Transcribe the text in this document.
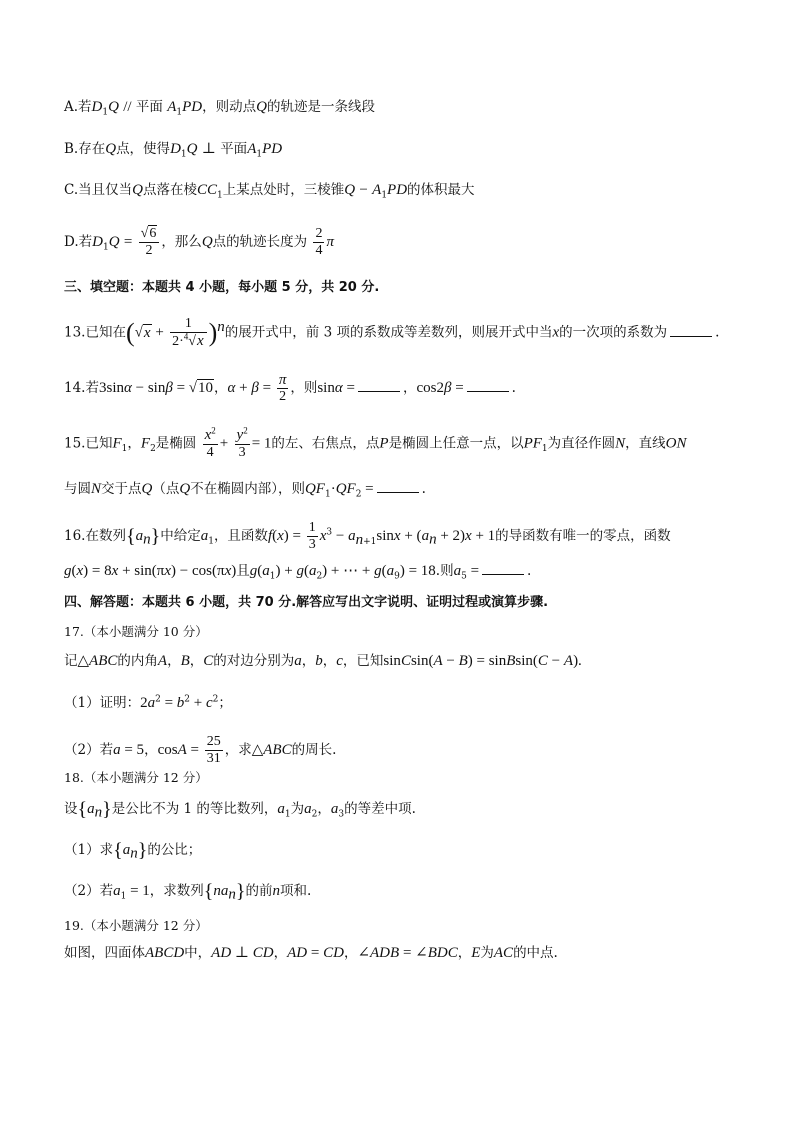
A.若$D_1Q$ // 平面 $A_1PD$，则动点Q的轨迹是一条线段
B.存在Q点，使得$D_1Q$ ⊥ 平面$A_1PD$
C.当且仅当Q点落在棱$CC_1$上某点处时，三棱锥$Q - A_1PD$的体积最大
D.若$D_1Q = \frac{√6}{2}$ ，那么Q点的轨迹长度为 $\frac{2}{4}$ π
三、填空题：本题共 4 小题，每小题 5 分，共 20 分.
13.已知在$(√x + \frac{1}{2\cdot^4√x} )^n$的展开式中，前 3 项的系数成等差数列，则展开式中当x的一次项的系数为	.
14.若3sinα − sinβ = √10，$\alpha + \beta = \frac{\pi}{2}$ ，则sinα =	，cos2β =	.
15.已知$F_1$，$F_2$是椭圆 $\frac{x^2}{4} + \frac{y^2}{3} = 1$的左、右焦点，点P是椭圆上任意一点，以$PF_1$为直径作圆N，直线ON
与圆N交于点Q（点Q不在椭圆内部），则$QF_1\cdot QF_2$ =	.
16.在数列$\{a_n\}$中给定$a_1$，且函数$f(x) = \frac{1}{3} x^3 - a_{n+1}\sin x + (a_n + 2)x + 1$的导函数有唯一的零点，函数
g(x) = 8x + sin(πx) − cos(πx)且$g(a_1) + g(a_2)$ + ⋯ + $g(a_9) = 18$.则$a_5$ =	.
四、解答题：本题共 6 小题，共 70 分.解答应写出文字说明、证明过程或演算步骤.
17.（本小题满分 10 分）
记△ABC的内角A，B，C的对边分别为a，b，c，已知sinCsin(A − B) = sinBsin(C − A).
（1）证明：$2a^2 = b^2 + c^2$；
（2）若a = 5，$\cos A = \frac{25}{31}$ ，求△ABC的周长.
18.（本小题满分 12 分）
设$\{a_n\}$是公比不为 1 的等比数列，$a_1$为$a_2$，$a_3$的等差中项.
（1）求$\{a_n\}$的公比；
（2）若$a_1 = 1$，求数列$\{na_n\}$的前n项和.
19.（本小题满分 12 分）
如图，四面体ABCD中，AD ⊥ CD，AD = CD，∠ADB = ∠BDC，E为AC的中点.
